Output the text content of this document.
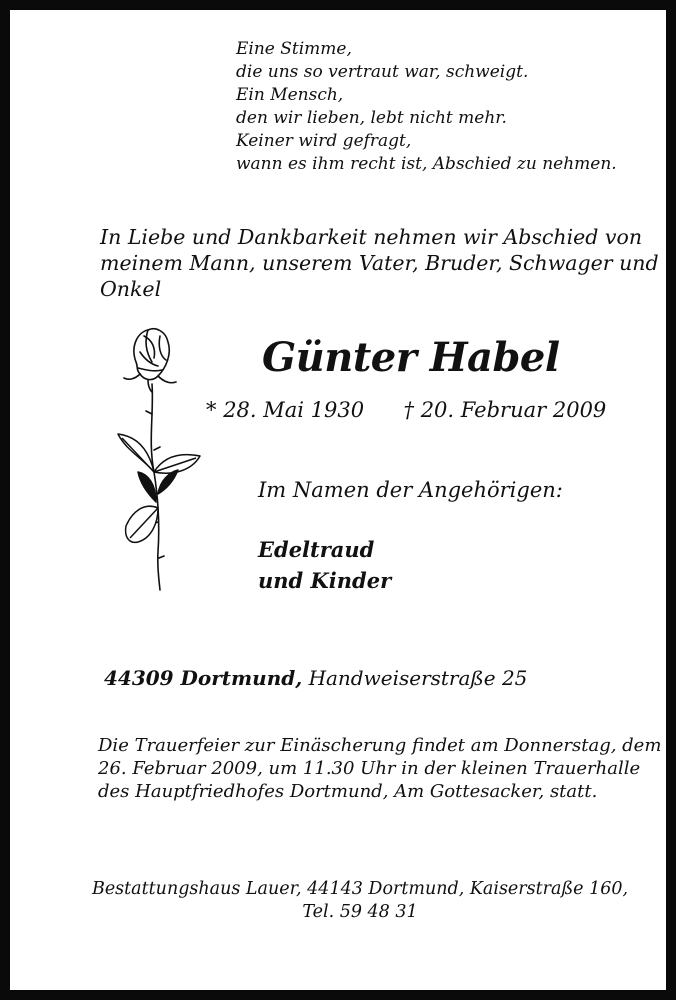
Eine Stimme,
die uns so vertraut war, schweigt.
Ein Mensch,
den wir lieben, lebt nicht mehr.
Keiner wird gefragt,
wann es ihm recht ist, Abschied zu nehmen.
In Liebe und Dankbarkeit nehmen wir Abschied von
meinem Mann, unserem Vater, Bruder, Schwager und
Onkel
Günter Habel
* 28. Mai 1930 † 20. Februar 2009
Im Namen der Angehörigen:
Edeltraud
und Kinder
44309 Dortmund, Handweiserstraße 25
Die Trauerfeier zur Einäscherung findet am Donnerstag, dem
26. Februar 2009, um 11.30 Uhr in der kleinen Trauerhalle
des Hauptfriedhofes Dortmund, Am Gottesacker, statt.
Bestattungshaus Lauer, 44143 Dortmund, Kaiserstraße 160,
Tel. 59 48 31
